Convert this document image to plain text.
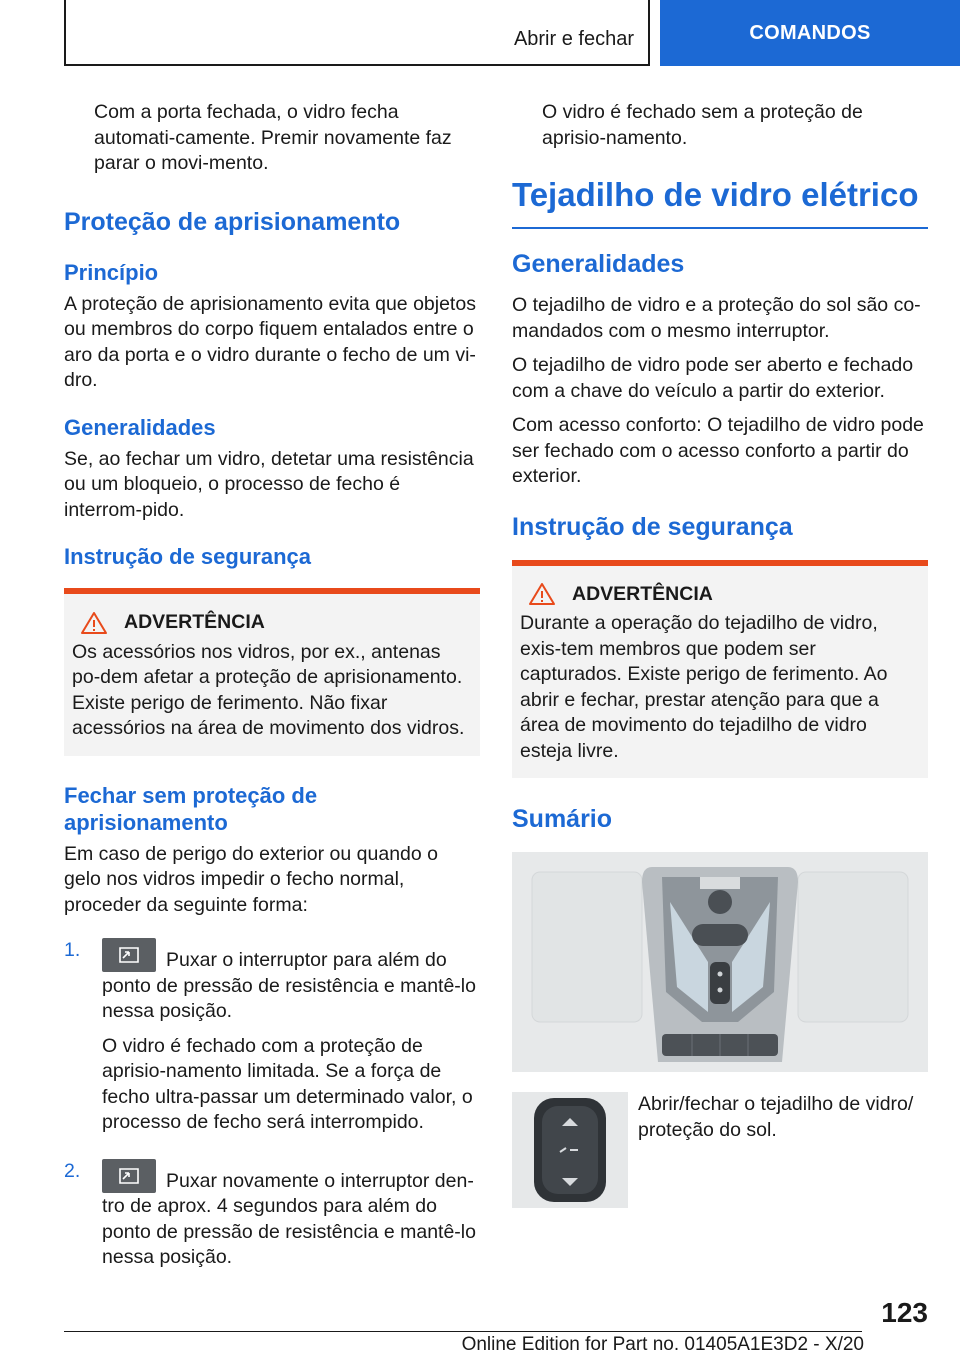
Abrir e fechar	COMANDOS

Com a porta fechada, o vidro fecha automati-camente. Premir novamente faz parar o movi-mento.

Proteção de aprisionamento
Princípio

A proteção de aprisionamento evita que objetos ou membros do corpo fiquem entalados entre o aro da porta e o vidro durante o fecho de um vi-dro.

Generalidades

Se, ao fechar um vidro, detetar uma resistência ou um bloqueio, o processo de fecho é interrom-pido.

Instrução de segurança
ADVERTÊNCIA
Os acessórios nos vidros, por ex., antenas po-dem afetar a proteção de aprisionamento. Existe perigo de ferimento. Não fixar acessórios na área de movimento dos vidros.
Fechar sem proteção de aprisionamento

Em caso de perigo do exterior ou quando o gelo nos vidros impedir o fecho normal, proceder da seguinte forma:

1.	Puxar o interruptor para além do ponto de pressão de resistência e mantê-lo nessa posição.

O vidro é fechado com a proteção de aprisio-namento limitada. Se a força de fecho ultra-passar um determinado valor, o processo de fecho será interrompido.

2.	Puxar novamente o interruptor den-tro de aprox. 4 segundos para além do ponto de pressão de resistência e mantê-lo nessa posição.

O vidro é fechado sem a proteção de aprisio-namento.

Tejadilho de vidro elétrico
Generalidades

O tejadilho de vidro e a proteção do sol são co-mandados com o mesmo interruptor.

O tejadilho de vidro pode ser aberto e fechado com a chave do veículo a partir do exterior.

Com acesso conforto: O tejadilho de vidro pode ser fechado com o acesso conforto a partir do exterior.

Instrução de segurança
ADVERTÊNCIA
Durante a operação do tejadilho de vidro, exis-tem membros que podem ser capturados. Existe perigo de ferimento. Ao abrir e fechar, prestar atenção para que a área de movimento do tejadilho de vidro esteja livre.
Sumário

Abrir/fechar o tejadilho de vidro/ proteção do sol.

123
Online Edition for Part no. 01405A1E3D2 - X/20
